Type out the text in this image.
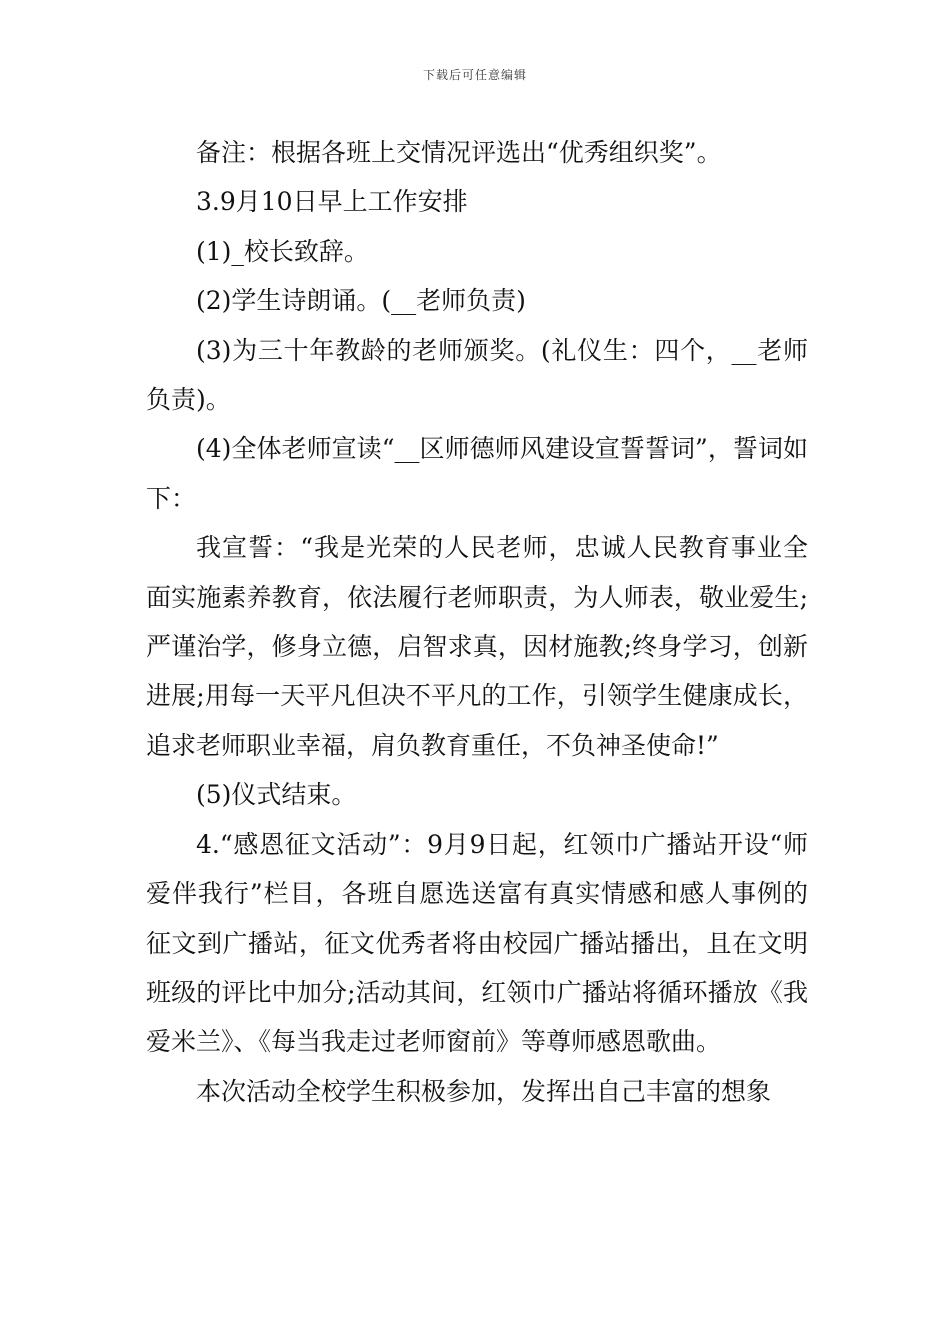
下载后可任意编辑

备注：根据各班上交情况评选出“优秀组织奖”。

3.9月10日早上工作安排

(1)_校长致辞。

(2)学生诗朗诵。(__老师负责)

(3)为三十年教龄的老师颁奖。(礼仪生：四个，__老师负责)。

(4)全体老师宣读“__区师德师风建设宣誓誓词”，誓词如下：

我宣誓：“我是光荣的人民老师，忠诚人民教育事业全面实施素养教育，依法履行老师职责，为人师表，敬业爱生;严谨治学，修身立德，启智求真，因材施教;终身学习，创新进展;用每一天平凡但决不平凡的工作，引领学生健康成长，追求老师职业幸福，肩负教育重任，不负神圣使命!”

(5)仪式结束。

4.“感恩征文活动”：9月9日起，红领巾广播站开设“师爱伴我行”栏目，各班自愿选送富有真实情感和感人事例的征文到广播站，征文优秀者将由校园广播站播出，且在文明班级的评比中加分;活动其间，红领巾广播站将循环播放《我爱米兰》、《每当我走过老师窗前》等尊师感恩歌曲。

本次活动全校学生积极参加，发挥出自己丰富的想象
